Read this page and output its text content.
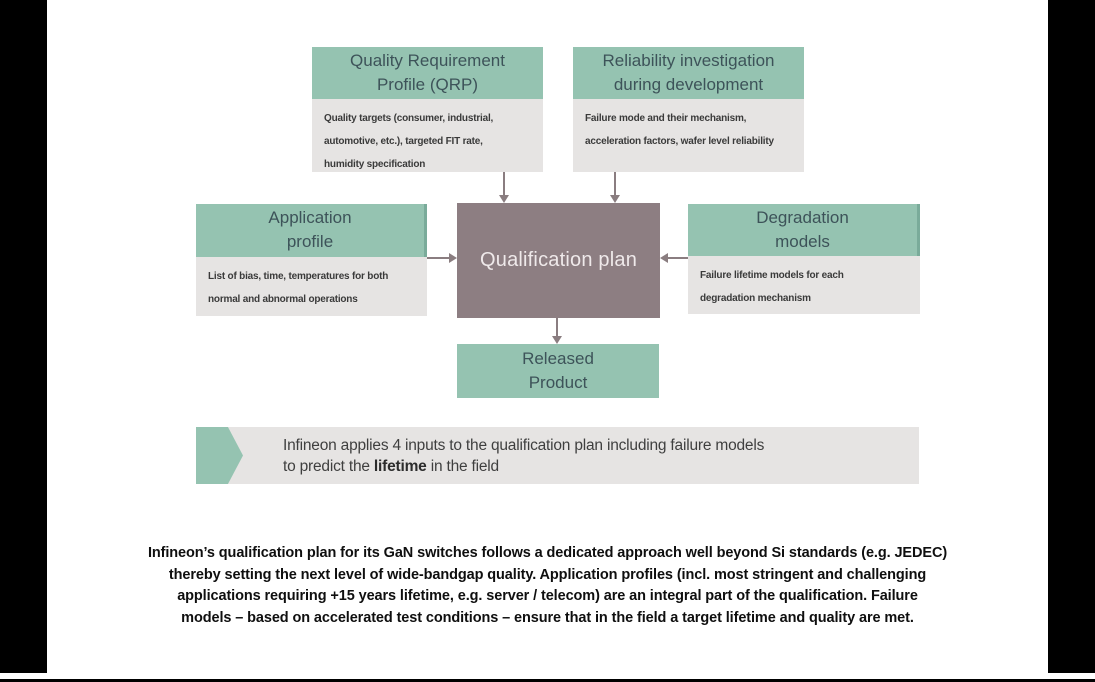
Quality Requirement
Profile (QRP)
Quality targets (consumer, industrial,
automotive, etc.), targeted FIT rate,
humidity specification
Reliability investigation
during development
Failure mode and their mechanism,
acceleration factors, wafer level reliability
Application
profile
List of bias, time, temperatures for both
normal and abnormal operations
Degradation
models
Failure lifetime models for each
degradation mechanism
Qualification plan
Released
Product
Infineon applies 4 inputs to the qualification plan including failure models
to predict the lifetime in the field
Infineon’s qualification plan for its GaN switches follows a dedicated approach well beyond Si standards (e.g. JEDEC)
thereby setting the next level of wide-bandgap quality. Application profiles (incl. most stringent and challenging
applications requiring +15 years lifetime, e.g. server / telecom) are an integral part of the qualification. Failure
models – based on accelerated test conditions – ensure that in the field a target lifetime and quality are met.
